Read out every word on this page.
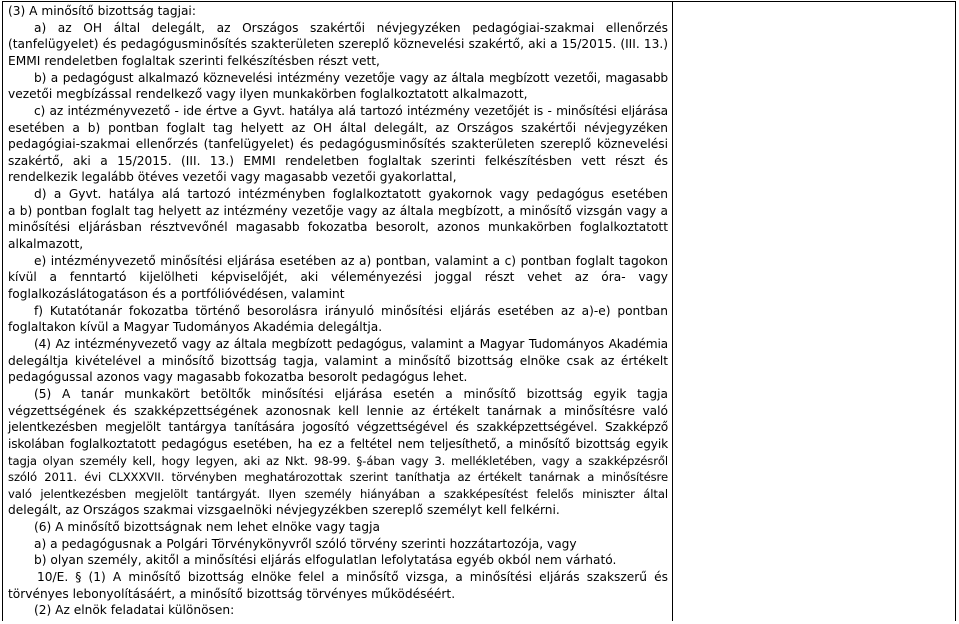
(3) A minősítő bizottság tagjai:
a) az OH által delegált, az Országos szakértői névjegyzéken pedagógiai-szakmai ellenőrzés
(tanfelügyelet) és pedagógusminősítés szakterületen szereplő köznevelési szakértő, aki a 15/2015. (III. 13.)
EMMI rendeletben foglaltak szerinti felkészítésben részt vett,
b) a pedagógust alkalmazó köznevelési intézmény vezetője vagy az általa megbízott vezetői, magasabb
vezetői megbízással rendelkező vagy ilyen munkakörben foglalkoztatott alkalmazott,
c) az intézményvezető - ide értve a Gyvt. hatálya alá tartozó intézmény vezetőjét is - minősítési eljárása
esetében a b) pontban foglalt tag helyett az OH által delegált, az Országos szakértői névjegyzéken
pedagógiai-szakmai ellenőrzés (tanfelügyelet) és pedagógusminősítés szakterületen szereplő köznevelési
szakértő, aki a 15/2015. (III. 13.) EMMI rendeletben foglaltak szerinti felkészítésben vett részt és
rendelkezik legalább ötéves vezetői vagy magasabb vezetői gyakorlattal,
d) a Gyvt. hatálya alá tartozó intézményben foglalkoztatott gyakornok vagy pedagógus esetében
a b) pontban foglalt tag helyett az intézmény vezetője vagy az általa megbízott, a minősítő vizsgán vagy a
minősítési eljárásban résztvevőnél magasabb fokozatba besorolt, azonos munkakörben foglalkoztatott
alkalmazott,
e) intézményvezető minősítési eljárása esetében az a) pontban, valamint a c) pontban foglalt tagokon
kívül a fenntartó kijelölheti képviselőjét, aki véleményezési joggal részt vehet az óra- vagy
foglalkozáslátogatáson és a portfólióvédésen, valamint
f) Kutatótanár fokozatba történő besorolásra irányuló minősítési eljárás esetében az a)-e) pontban
foglaltakon kívül a Magyar Tudományos Akadémia delegáltja.
(4) Az intézményvezető vagy az általa megbízott pedagógus, valamint a Magyar Tudományos Akadémia
delegáltja kivételével a minősítő bizottság tagja, valamint a minősítő bizottság elnöke csak az értékelt
pedagógussal azonos vagy magasabb fokozatba besorolt pedagógus lehet.
(5) A tanár munkakört betöltők minősítési eljárása esetén a minősítő bizottság egyik tagja
végzettségének és szakképzettségének azonosnak kell lennie az értékelt tanárnak a minősítésre való
jelentkezésben megjelölt tantárgya tanítására jogosító végzettségével és szakképzettségével. Szakképző
iskolában foglalkoztatott pedagógus esetében, ha ez a feltétel nem teljesíthető, a minősítő bizottság egyik
tagja olyan személy kell, hogy legyen, aki az Nkt. 98-99. §-ában vagy 3. mellékletében, vagy a szakképzésről
szóló 2011. évi CLXXXVII. törvényben meghatározottak szerint taníthatja az értékelt tanárnak a minősítésre
való jelentkezésben megjelölt tantárgyát. Ilyen személy hiányában a szakképesítést felelős miniszter által
delegált, az Országos szakmai vizsgaelnöki névjegyzékben szereplő személyt kell felkérni.
(6) A minősítő bizottságnak nem lehet elnöke vagy tagja
a) a pedagógusnak a Polgári Törvénykönyvről szóló törvény szerinti hozzátartozója, vagy
b) olyan személy, akitől a minősítési eljárás elfogulatlan lefolytatása egyéb okból nem várható.
10/E. § (1) A minősítő bizottság elnöke felel a minősítő vizsga, a minősítési eljárás szakszerű és
törvényes lebonyolításáért, a minősítő bizottság törvényes működéséért.
(2) Az elnök feladatai különösen:
